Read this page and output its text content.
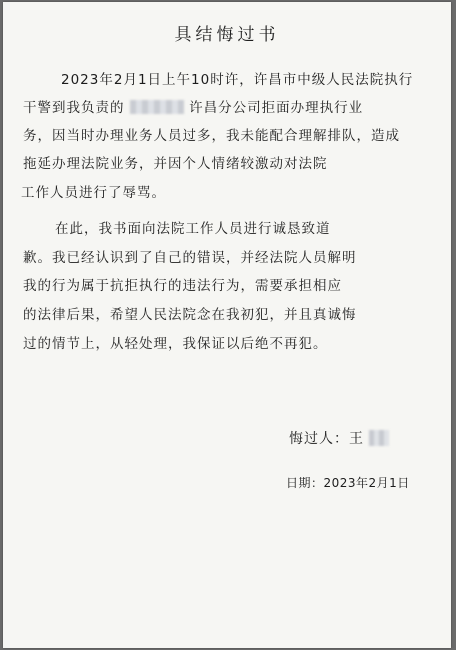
具结悔过书
2023年2月1日上午10时许，许昌市中级人民法院执行
干警到我负责的	许昌分公司拒面办理执行业
务，因当时办理业务人员过多，我未能配合理解排队，造成
拖延办理法院业务，并因个人情绪较激动对法院
工作人员进行了辱骂。
在此，我书面向法院工作人员进行诚恳致道
歉。我已经认识到了自己的错误，并经法院人员解明
我的行为属于抗拒执行的违法行为，需要承担相应
的法律后果，希望人民法院念在我初犯，并且真诚悔
过的情节上，从轻处理，我保证以后绝不再犯。
悔过人：王
日期：2023年2月1日
